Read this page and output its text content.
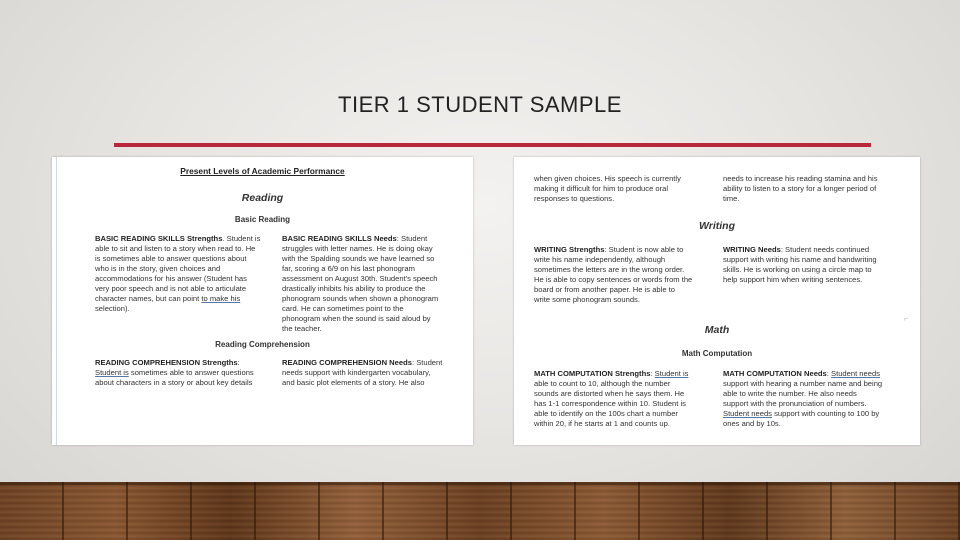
TIER 1 STUDENT SAMPLE
Present Levels of Academic Performance
Reading
Basic Reading
BASIC READING SKILLS Strengths. Student is
able to sit and listen to a story when read to. He
is sometimes able to answer questions about
who is in the story, given choices and
accommodations for his answer (Student has
very poor speech and is not able to articulate
character names, but can point to make his
selection).
BASIC READING SKILLS Needs: Student
struggles with letter names. He is doing okay
with the Spalding sounds we have learned so
far, scoring a 6/9 on his last phonogram
assessment on August 30th. Student's speech
drastically inhibits his ability to produce the
phonogram sounds when shown a phonogram
card. He can sometimes point to the
phonogram when the sound is said aloud by
the teacher.
Reading Comprehension
READING COMPREHENSION Strengths:
Student is sometimes able to answer questions
about characters in a story or about key details
READING COMPREHENSION Needs: Student
needs support with kindergarten vocabulary,
and basic plot elements of a story. He also
when given choices. His speech is currently
making it difficult for him to produce oral
responses to questions.
needs to increase his reading stamina and his
ability to listen to a story for a longer period of
time.
Writing
WRITING Strengths: Student is now able to
write his name independently, although
sometimes the letters are in the wrong order.
He is able to copy sentences or words from the
board or from another paper. He is able to
write some phonogram sounds.
WRITING Needs: Student needs continued
support with writing his name and handwriting
skills. He is working on using a circle map to
help support him when writing sentences.
⌐
Math
Math Computation
MATH COMPUTATION Strengths: Student is
able to count to 10, although the number
sounds are distorted when he says them. He
has 1-1 correspondence within 10. Student is
able to identify on the 100s chart a number
within 20, if he starts at 1 and counts up.
MATH COMPUTATION Needs: Student needs
support with hearing a number name and being
able to write the number. He also needs
support with the pronunciation of numbers.
Student needs support with counting to 100 by
ones and by 10s.
